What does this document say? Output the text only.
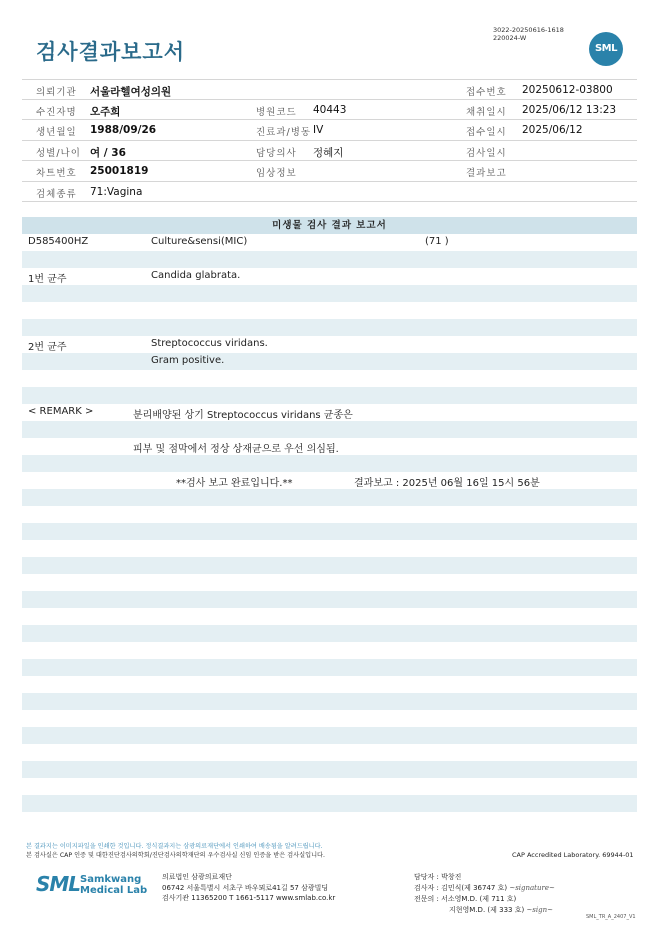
검사결과보고서
3022-20250616-1618
220024-W
SML
의뢰기관 서울라헬여성의원	접수번호 20250612-03800
수진자명 오주희	병원코드 40443	채취일시 2025/06/12 13:23
생년월일 1988/09/26	진료과/병동 IV	접수일시 2025/06/12
성별/나이 여 / 36	담당의사 정혜지	검사일시
차트번호 25001819	임상정보	결과보고
검체종류 71:Vagina
미생물 검사 결과 보고서
D585400HZ	Culture&sensi(MIC)	(71 )
1번 균주	Candida glabrata.
2번 균주	Streptococcus viridans.
Gram positive.
< REMARK >	분리배양된 상기 Streptococcus viridans 균종은
피부 및 점막에서 정상 상재균으로 우선 의심됨.
**검사 보고 완료입니다.**	결과보고 : 2025년 06월 16일 15시 56분
본 결과지는 이미지파일을 인쇄한 것입니다. 정식결과지는 삼광의료재단에서 인쇄하여 배송됨을 알려드립니다.
본 검사실은 CAP 인증 및 대한진단검사의학회/진단검사의학재단의 우수검사실 신임 인증을 받은 검사실입니다.	CAP Accredited Laboratory. 69944-01
SML Samkwang
Medical Lab
의료법인 삼광의료재단
06742 서울특별시 서초구 바우뫼로41길 57 삼광빌딩
검사기관 11365200 T 1661-5117 www.smlab.co.kr
담당자 : 박창진
검사자 : 김민식(제 36747 호) ~signature~
전문의 : 서소영M.D. (제 711 호)
지현영M.D. (제 333 호) ~sign~
SML_TR_A_2407_V1
